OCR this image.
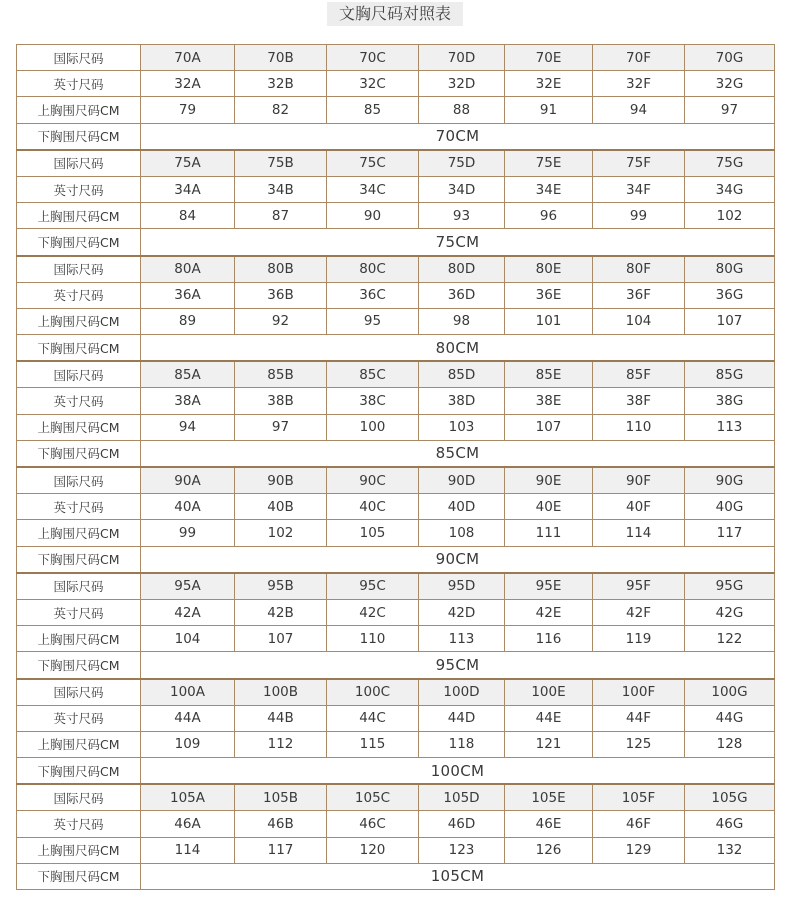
文胸尺码对照表
国际尺码	70A	70B	70C	70D	70E	70F	70G
英寸尺码	32A	32B	32C	32D	32E	32F	32G
上胸围尺码CM	79	82	85	88	91	94	97
下胸围尺码CM	70CM						
国际尺码	75A	75B	75C	75D	75E	75F	75G
英寸尺码	34A	34B	34C	34D	34E	34F	34G
上胸围尺码CM	84	87	90	93	96	99	102
下胸围尺码CM	75CM						
国际尺码	80A	80B	80C	80D	80E	80F	80G
英寸尺码	36A	36B	36C	36D	36E	36F	36G
上胸围尺码CM	89	92	95	98	101	104	107
下胸围尺码CM	80CM						
国际尺码	85A	85B	85C	85D	85E	85F	85G
英寸尺码	38A	38B	38C	38D	38E	38F	38G
上胸围尺码CM	94	97	100	103	107	110	113
下胸围尺码CM	85CM						
国际尺码	90A	90B	90C	90D	90E	90F	90G
英寸尺码	40A	40B	40C	40D	40E	40F	40G
上胸围尺码CM	99	102	105	108	111	114	117
下胸围尺码CM	90CM						
国际尺码	95A	95B	95C	95D	95E	95F	95G
英寸尺码	42A	42B	42C	42D	42E	42F	42G
上胸围尺码CM	104	107	110	113	116	119	122
下胸围尺码CM	95CM						
国际尺码	100A	100B	100C	100D	100E	100F	100G
英寸尺码	44A	44B	44C	44D	44E	44F	44G
上胸围尺码CM	109	112	115	118	121	125	128
下胸围尺码CM	100CM						
国际尺码	105A	105B	105C	105D	105E	105F	105G
英寸尺码	46A	46B	46C	46D	46E	46F	46G
上胸围尺码CM	114	117	120	123	126	129	132
下胸围尺码CM	105CM						
